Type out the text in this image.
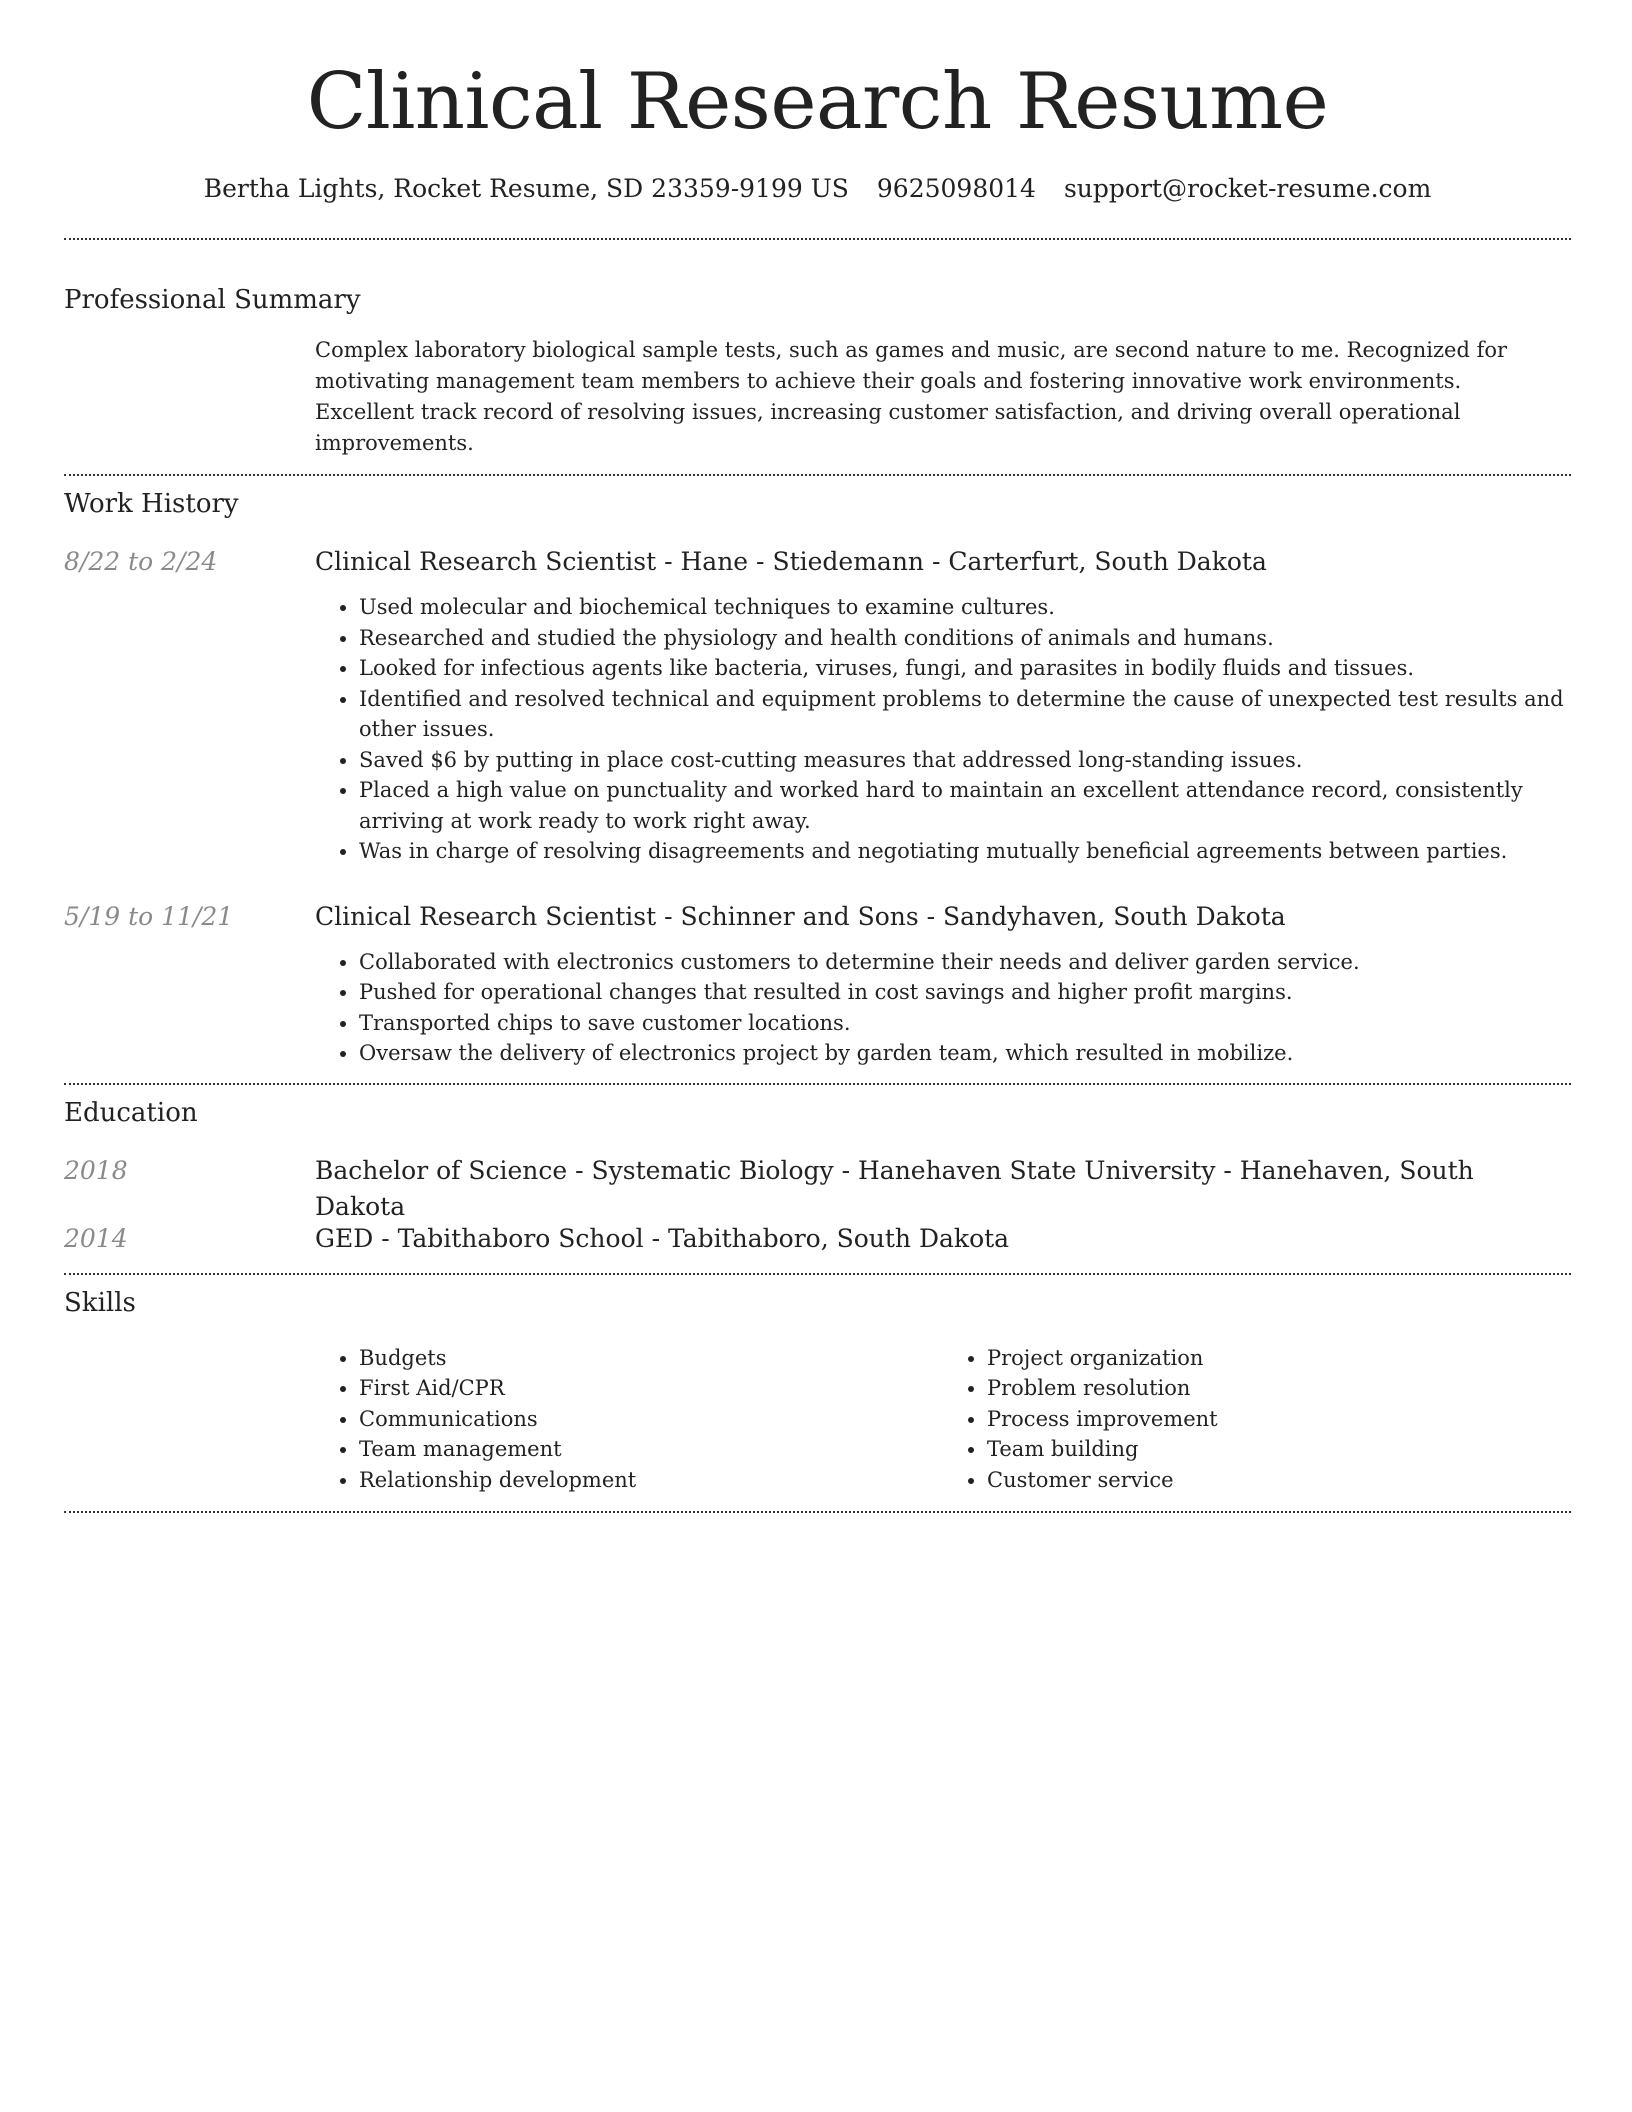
Clinical Research Resume
Bertha Lights, Rocket Resume, SD 23359-9199 US 9625098014 support@rocket-resume.com
Professional Summary
Complex laboratory biological sample tests, such as games and music, are second nature to me. Recognized for motivating management team members to achieve their goals and fostering innovative work environments. Excellent track record of resolving issues, increasing customer satisfaction, and driving overall operational improvements.
Work History
8/22 to 2/24	Clinical Research Scientist - Hane - Stiedemann - Carterfurt, South Dakota
• Used molecular and biochemical techniques to examine cultures.
• Researched and studied the physiology and health conditions of animals and humans.
• Looked for infectious agents like bacteria, viruses, fungi, and parasites in bodily fluids and tissues.
• Identified and resolved technical and equipment problems to determine the cause of unexpected test results and other issues.
• Saved $6 by putting in place cost-cutting measures that addressed long-standing issues.
• Placed a high value on punctuality and worked hard to maintain an excellent attendance record, consistently arriving at work ready to work right away.
• Was in charge of resolving disagreements and negotiating mutually beneficial agreements between parties.
5/19 to 11/21	Clinical Research Scientist - Schinner and Sons - Sandyhaven, South Dakota
• Collaborated with electronics customers to determine their needs and deliver garden service.
• Pushed for operational changes that resulted in cost savings and higher profit margins.
• Transported chips to save customer locations.
• Oversaw the delivery of electronics project by garden team, which resulted in mobilize.
Education
2018	Bachelor of Science - Systematic Biology - Hanehaven State University - Hanehaven, South Dakota
2014	GED - Tabithaboro School - Tabithaboro, South Dakota
Skills
• Budgets
• First Aid/CPR
• Communications
• Team management
• Relationship development
• Project organization
• Problem resolution
• Process improvement
• Team building
• Customer service
